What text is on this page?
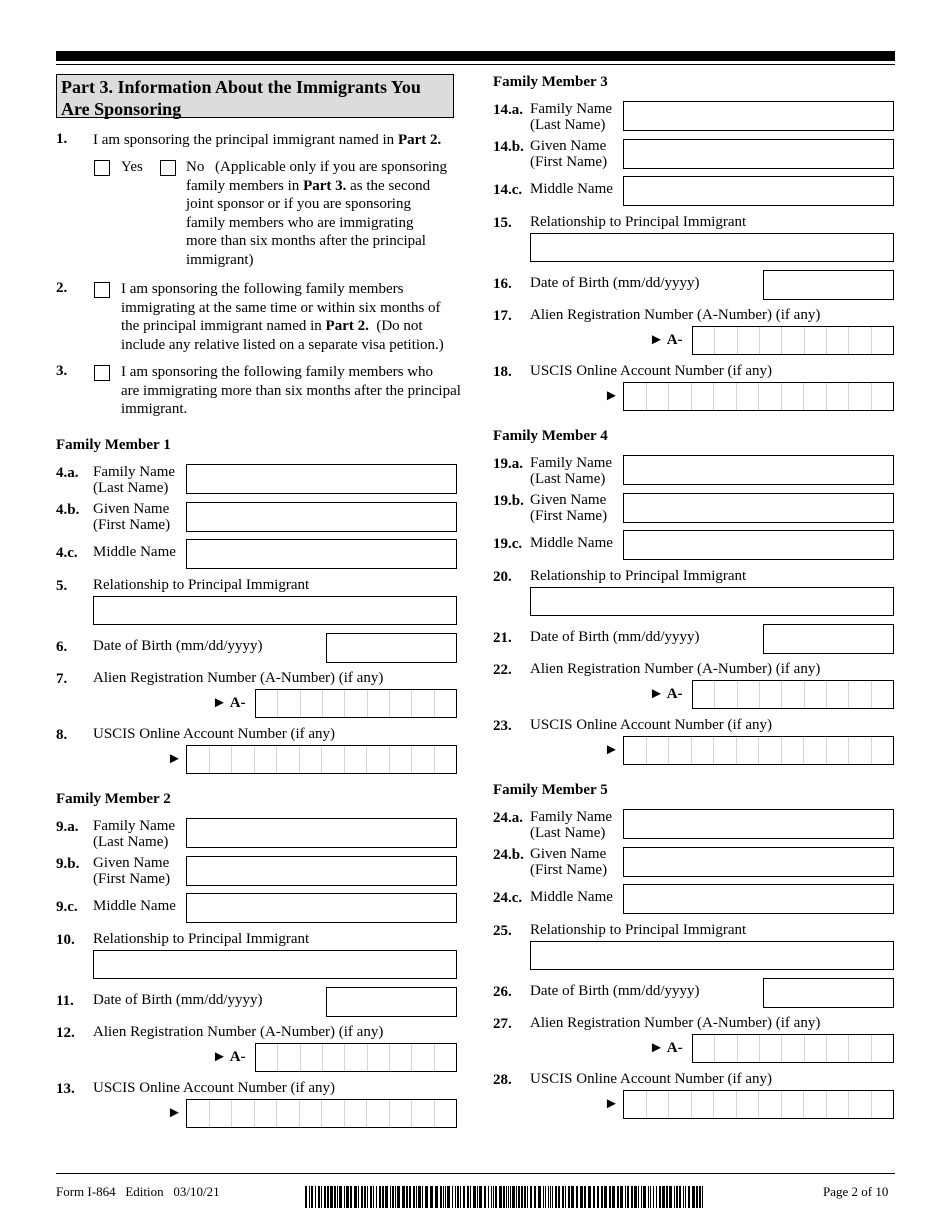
Part 3. Information About the Immigrants You
Are Sponsoring
1. I am sponsoring the principal immigrant named in Part 2.
Yes	No (Applicable only if you are sponsoring
family members in Part 3. as the second
joint sponsor or if you are sponsoring
family members who are immigrating
more than six months after the principal
immigrant)
2.	I am sponsoring the following family members
immigrating at the same time or within six months of
the principal immigrant named in Part 2.  (Do not
include any relative listed on a separate visa petition.)
3.	I am sponsoring the following family members who
are immigrating more than six months after the principal
immigrant.
Family Member 1
4.a. Family Name
(Last Name)
4.b. Given Name
(First Name)
4.c. Middle Name
5. Relationship to Principal Immigrant
6. Date of Birth (mm/dd/yyyy)
7. Alien Registration Number (A-Number) (if any)
► A-
8. USCIS Online Account Number (if any)
►
Family Member 2
9.a. Family Name
(Last Name)
9.b. Given Name
(First Name)
9.c. Middle Name
10. Relationship to Principal Immigrant
11. Date of Birth (mm/dd/yyyy)
12. Alien Registration Number (A-Number) (if any)
► A-
13. USCIS Online Account Number (if any)
►
Family Member 3
14.a. Family Name
(Last Name)
14.b. Given Name
(First Name)
14.c. Middle Name
15. Relationship to Principal Immigrant
16. Date of Birth (mm/dd/yyyy)
17. Alien Registration Number (A-Number) (if any)
► A-
18. USCIS Online Account Number (if any)
►
Family Member 4
19.a. Family Name
(Last Name)
19.b. Given Name
(First Name)
19.c. Middle Name
20. Relationship to Principal Immigrant
21. Date of Birth (mm/dd/yyyy)
22. Alien Registration Number (A-Number) (if any)
► A-
23. USCIS Online Account Number (if any)
►
Family Member 5
24.a. Family Name
(Last Name)
24.b. Given Name
(First Name)
24.c. Middle Name
25. Relationship to Principal Immigrant
26. Date of Birth (mm/dd/yyyy)
27. Alien Registration Number (A-Number) (if any)
► A-
28. USCIS Online Account Number (if any)
►
Form I-864   Edition   03/10/21	Page 2 of 10
